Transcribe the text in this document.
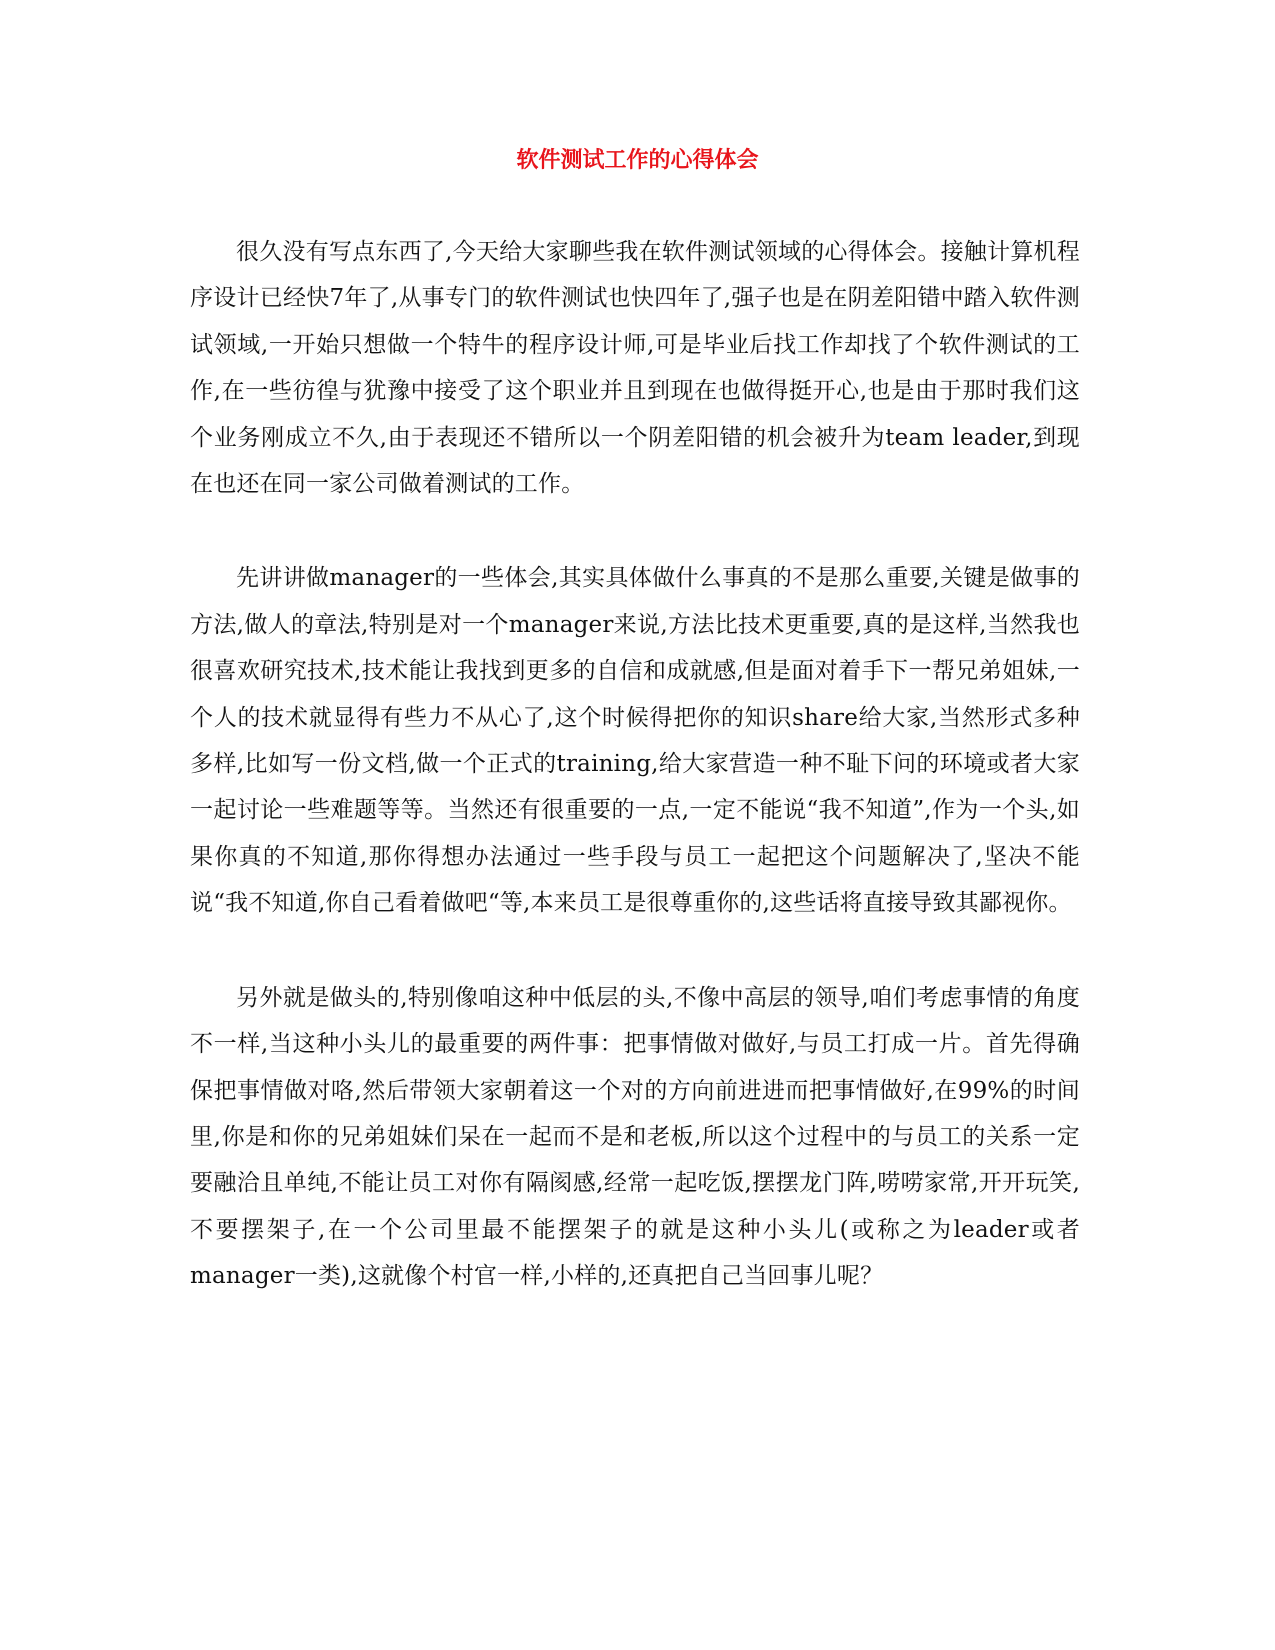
软件测试工作的心得体会

很久没有写点东西了,今天给大家聊些我在软件测试领域的心得体会。接触计算机程序设计已经快7年了,从事专门的软件测试也快四年了,强子也是在阴差阳错中踏入软件测试领域,一开始只想做一个特牛的程序设计师,可是毕业后找工作却找了个软件测试的工作,在一些彷徨与犹豫中接受了这个职业并且到现在也做得挺开心,也是由于那时我们这个业务刚成立不久,由于表现还不错所以一个阴差阳错的机会被升为team leader,到现在也还在同一家公司做着测试的工作。

先讲讲做manager的一些体会,其实具体做什么事真的不是那么重要,关键是做事的方法,做人的章法,特别是对一个manager来说,方法比技术更重要,真的是这样,当然我也很喜欢研究技术,技术能让我找到更多的自信和成就感,但是面对着手下一帮兄弟姐妹,一个人的技术就显得有些力不从心了,这个时候得把你的知识share给大家,当然形式多种多样,比如写一份文档,做一个正式的training,给大家营造一种不耻下问的环境或者大家一起讨论一些难题等等。当然还有很重要的一点,一定不能说“我不知道”,作为一个头,如果你真的不知道,那你得想办法通过一些手段与员工一起把这个问题解决了,坚决不能说“我不知道,你自己看着做吧“等,本来员工是很尊重你的,这些话将直接导致其鄙视你。

另外就是做头的,特别像咱这种中低层的头,不像中高层的领导,咱们考虑事情的角度不一样,当这种小头儿的最重要的两件事：把事情做对做好,与员工打成一片。首先得确保把事情做对咯,然后带领大家朝着这一个对的方向前进进而把事情做好,在99%的时间里,你是和你的兄弟姐妹们呆在一起而不是和老板,所以这个过程中的与员工的关系一定要融洽且单纯,不能让员工对你有隔阂感,经常一起吃饭,摆摆龙门阵,唠唠家常,开开玩笑,不要摆架子,在一个公司里最不能摆架子的就是这种小头儿(或称之为leader或者manager一类),这就像个村官一样,小样的,还真把自己当回事儿呢？
